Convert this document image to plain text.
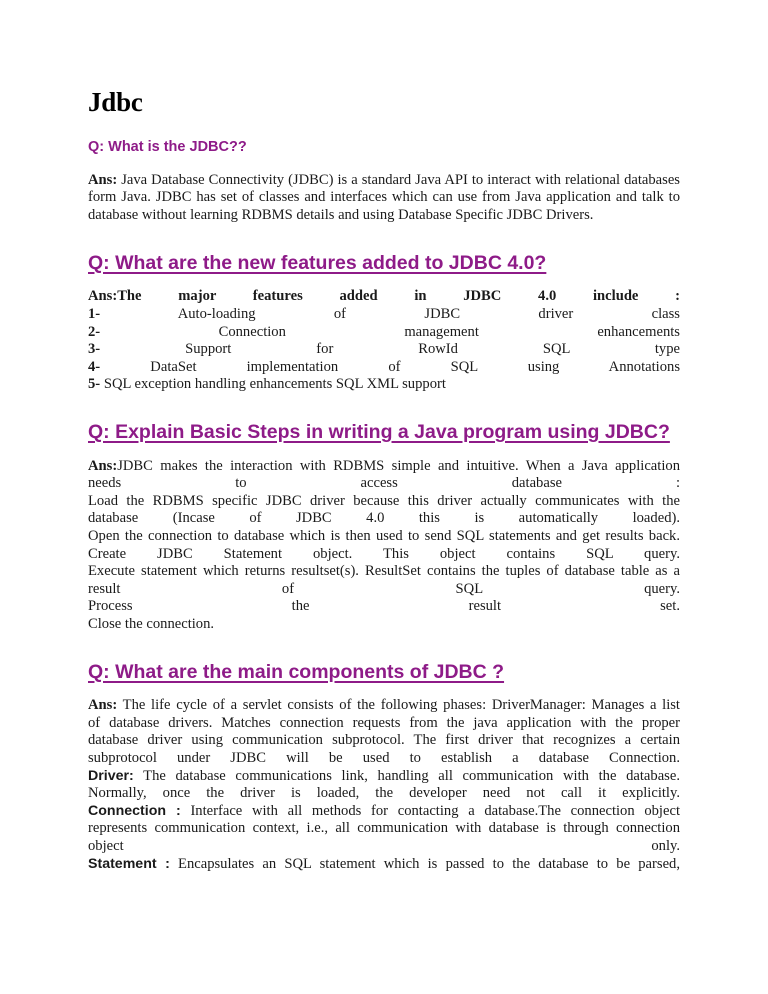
Jdbc
Q: What is the JDBC??
Ans: Java Database Connectivity (JDBC) is a standard Java API to interact with relational databases form Java. JDBC has set of classes and interfaces which can use from Java application and talk to database without learning RDBMS details and using Database Specific JDBC Drivers.
Q: What are the new features added to JDBC 4.0?
Ans:The	major features added in JDBC 4.0 include :
1-	Auto-loading of JDBC driver class
2-	Connection management enhancements
3-	Support for RowId SQL type
4-	DataSet implementation of SQL using Annotations
5- SQL exception handling enhancements SQL XML support
Q: Explain Basic Steps in writing a Java program using JDBC?
Ans:JDBC makes the interaction with RDBMS simple and intuitive. When a Java application
needs to access database :
Load the RDBMS specific JDBC driver because this driver actually communicates with the
database (Incase of JDBC 4.0 this is automatically loaded).
Open the connection to database which is then used to send SQL statements and get results back.
Create JDBC Statement object. This object contains SQL query.
Execute statement which returns resultset(s). ResultSet contains the tuples of database table as a
result of SQL query.
Process the result set.
Close the connection.
Q: What are the main components of JDBC ?
Ans: The life cycle of a servlet consists of the following phases: DriverManager: Manages a list
of database drivers. Matches connection requests from the java application with the proper
database driver using communication subprotocol. The first driver that recognizes a certain
subprotocol under JDBC will be used to establish a database Connection.
Driver: The database communications link, handling all communication with the database.
Normally, once the driver is loaded, the developer need not call it explicitly.
Connection : Interface with all methods for contacting a database.The connection object
represents communication context, i.e., all communication with database is through connection
object only.
Statement : Encapsulates an SQL statement which is passed to the database to be parsed,
